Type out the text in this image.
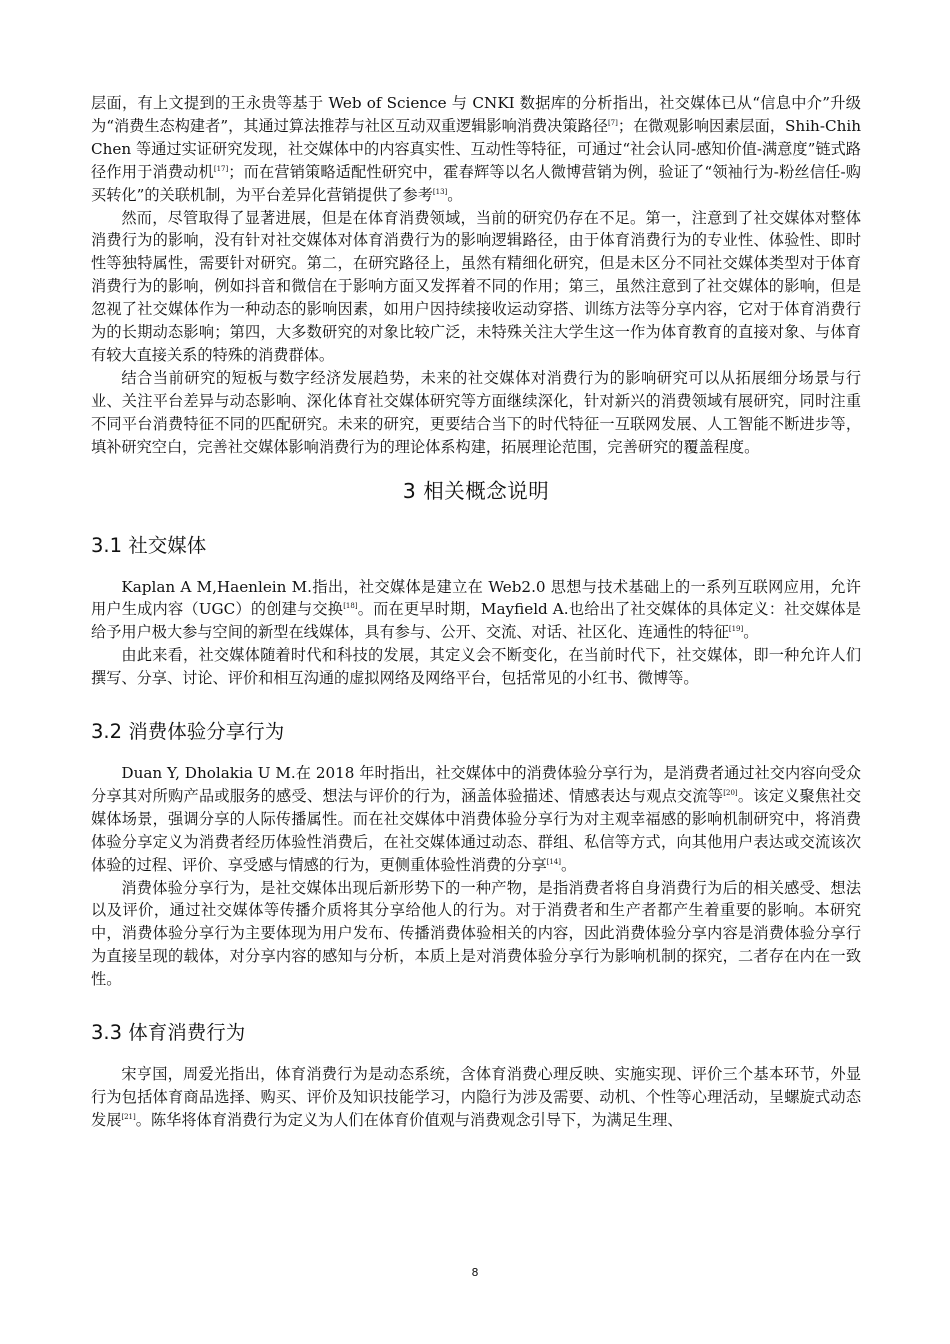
层面，有上文提到的王永贵等基于 Web of Science 与 CNKI 数据库的分析指出，社交媒体已从“信息中介”升级为“消费生态构建者”，其通过算法推荐与社区互动双重逻辑影响消费决策路径[7]；在微观影响因素层面，Shih-Chih Chen 等通过实证研究发现，社交媒体中的内容真实性、互动性等特征，可通过“社会认同-感知价值-满意度”链式路径作用于消费动机[17]；而在营销策略适配性研究中，霍春辉等以名人微博营销为例，验证了“领袖行为-粉丝信任-购买转化”的关联机制，为平台差异化营销提供了参考[13]。

然而，尽管取得了显著进展，但是在体育消费领域，当前的研究仍存在不足。第一，注意到了社交媒体对整体消费行为的影响，没有针对社交媒体对体育消费行为的影响逻辑路径，由于体育消费行为的专业性、体验性、即时性等独特属性，需要针对研究。第二，在研究路径上，虽然有精细化研究，但是未区分不同社交媒体类型对于体育消费行为的影响，例如抖音和微信在于影响方面又发挥着不同的作用；第三，虽然注意到了社交媒体的影响，但是忽视了社交媒体作为一种动态的影响因素，如用户因持续接收运动穿搭、训练方法等分享内容，它对于体育消费行为的长期动态影响；第四，大多数研究的对象比较广泛，未特殊关注大学生这一作为体育教育的直接对象、与体育有较大直接关系的特殊的消费群体。

结合当前研究的短板与数字经济发展趋势，未来的社交媒体对消费行为的影响研究可以从拓展细分场景与行业、关注平台差异与动态影响、深化体育社交媒体研究等方面继续深化，针对新兴的消费领域有展研究，同时注重不同平台消费特征不同的匹配研究。未来的研究，更要结合当下的时代特征一互联网发展、人工智能不断进步等，填补研究空白，完善社交媒体影响消费行为的理论体系构建，拓展理论范围，完善研究的覆盖程度。

3 相关概念说明
3.1 社交媒体

Kaplan A M,Haenlein M.指出，社交媒体是建立在 Web2.0 思想与技术基础上的一系列互联网应用，允许用户生成内容（UGC）的创建与交换[18]。而在更早时期，Mayfield A.也给出了社交媒体的具体定义：社交媒体是给予用户极大参与空间的新型在线媒体，具有参与、公开、交流、对话、社区化、连通性的特征[19]。

由此来看，社交媒体随着时代和科技的发展，其定义会不断变化，在当前时代下，社交媒体，即一种允许人们撰写、分享、讨论、评价和相互沟通的虚拟网络及网络平台，包括常见的小红书、微博等。

3.2 消费体验分享行为

Duan Y, Dholakia U M.在 2018 年时指出，社交媒体中的消费体验分享行为，是消费者通过社交内容向受众分享其对所购产品或服务的感受、想法与评价的行为，涵盖体验描述、情感表达与观点交流等[20]。该定义聚焦社交媒体场景，强调分享的人际传播属性。而在社交媒体中消费体验分享行为对主观幸福感的影响机制研究中，将消费体验分享定义为消费者经历体验性消费后，在社交媒体通过动态、群组、私信等方式，向其他用户表达或交流该次体验的过程、评价、享受感与情感的行为，更侧重体验性消费的分享[14]。

消费体验分享行为，是社交媒体出现后新形势下的一种产物，是指消费者将自身消费行为后的相关感受、想法以及评价，通过社交媒体等传播介质将其分享给他人的行为。对于消费者和生产者都产生着重要的影响。本研究中，消费体验分享行为主要体现为用户发布、传播消费体验相关的内容，因此消费体验分享内容是消费体验分享行为直接呈现的载体，对分享内容的感知与分析，本质上是对消费体验分享行为影响机制的探究，二者存在内在一致性。

3.3 体育消费行为

宋亨国，周爱光指出，体育消费行为是动态系统，含体育消费心理反映、实施实现、评价三个基本环节，外显行为包括体育商品选择、购买、评价及知识技能学习，内隐行为涉及需要、动机、个性等心理活动，呈螺旋式动态发展[21]。陈华将体育消费行为定义为人们在体育价值观与消费观念引导下，为满足生理、

8
